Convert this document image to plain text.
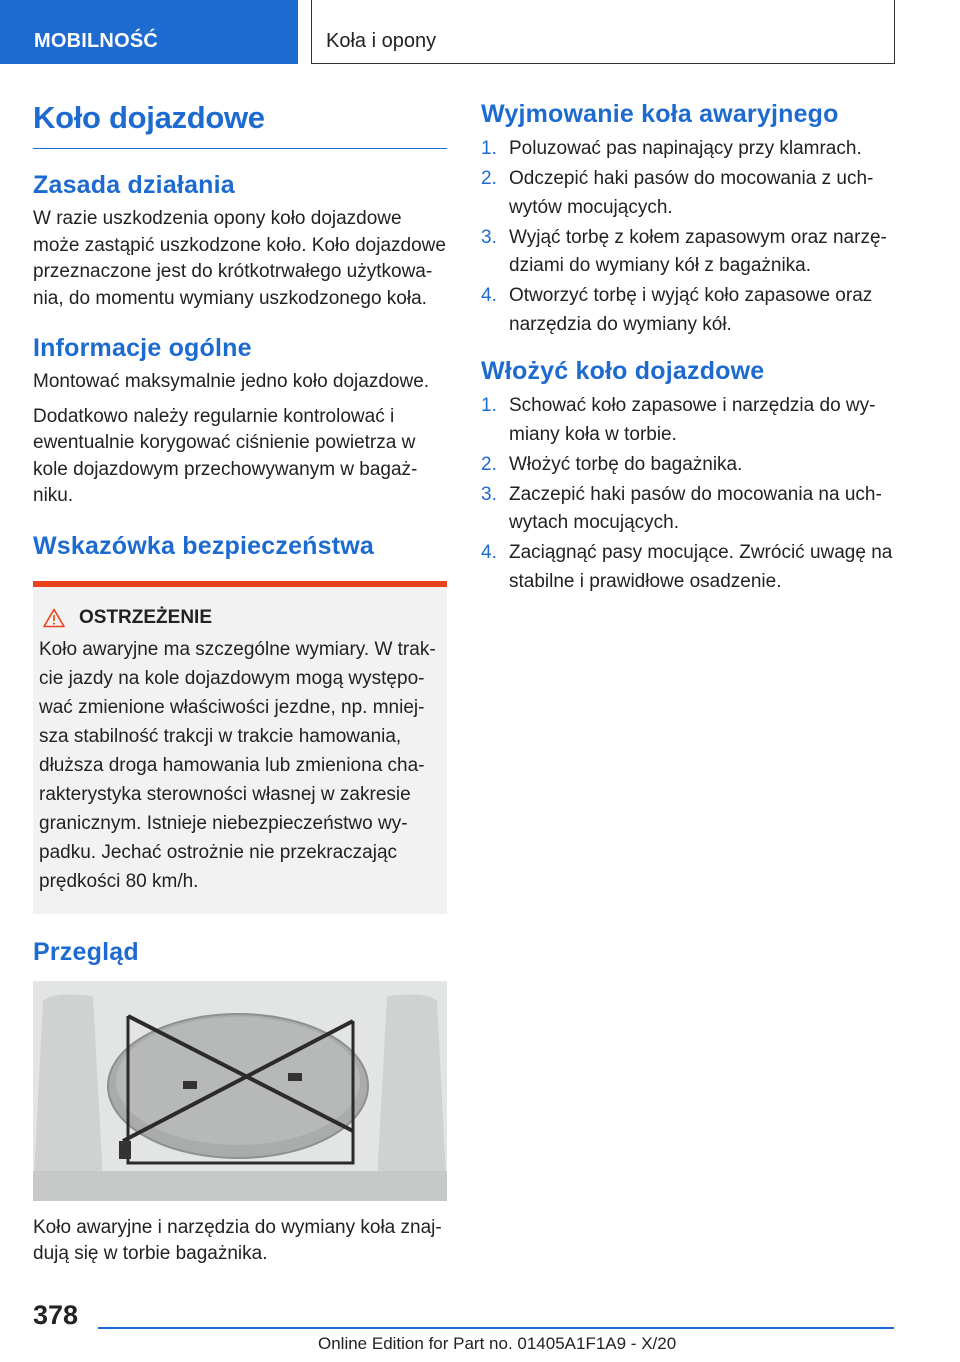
MOBILNOŚĆ	Koła i opony
Koło dojazdowe
Zasada działania

W razie uszkodzenia opony koło dojazdowe może zastąpić uszkodzone koło. Koło dojazdowe przeznaczone jest do krótkotrwałego użytkowa-nia, do momentu wymiany uszkodzonego koła.

Informacje ogólne

Montować maksymalnie jedno koło dojazdowe.

Dodatkowo należy regularnie kontrolować i ewentualnie korygować ciśnienie powietrza w kole dojazdowym przechowywanym w bagaż-niku.

Wskazówka bezpieczeństwa
OSTRZEŻENIE

Koło awaryjne ma szczególne wymiary. W trak-cie jazdy na kole dojazdowym mogą występo-wać zmienione właściwości jezdne, np. mniej-sza stabilność trakcji w trakcie hamowania, dłuższa droga hamowania lub zmieniona cha-rakterystyka sterowności własnej w zakresie granicznym. Istnieje niebezpieczeństwo wy-padku. Jechać ostrożnie nie przekraczając prędkości 80 km/h.

Przegląd

Koło awaryjne i narzędzia do wymiany koła znaj-dują się w torbie bagażnika.

Wyjmowanie koła awaryjnego
1. Poluzować pas napinający przy klamrach.
2. Odczepić haki pasów do mocowania z uch-wytów mocujących.
3. Wyjąć torbę z kołem zapasowym oraz narzę-dziami do wymiany kół z bagażnika.
4. Otworzyć torbę i wyjąć koło zapasowe oraz narzędzia do wymiany kół.
Włożyć koło dojazdowe
1. Schować koło zapasowe i narzędzia do wy-miany koła w torbie.
2. Włożyć torbę do bagażnika.
3. Zaczepić haki pasów do mocowania na uch-wytach mocujących.
4. Zaciągnąć pasy mocujące. Zwrócić uwagę na stabilne i prawidłowe osadzenie.
378
Online Edition for Part no. 01405A1F1A9 - X/20
